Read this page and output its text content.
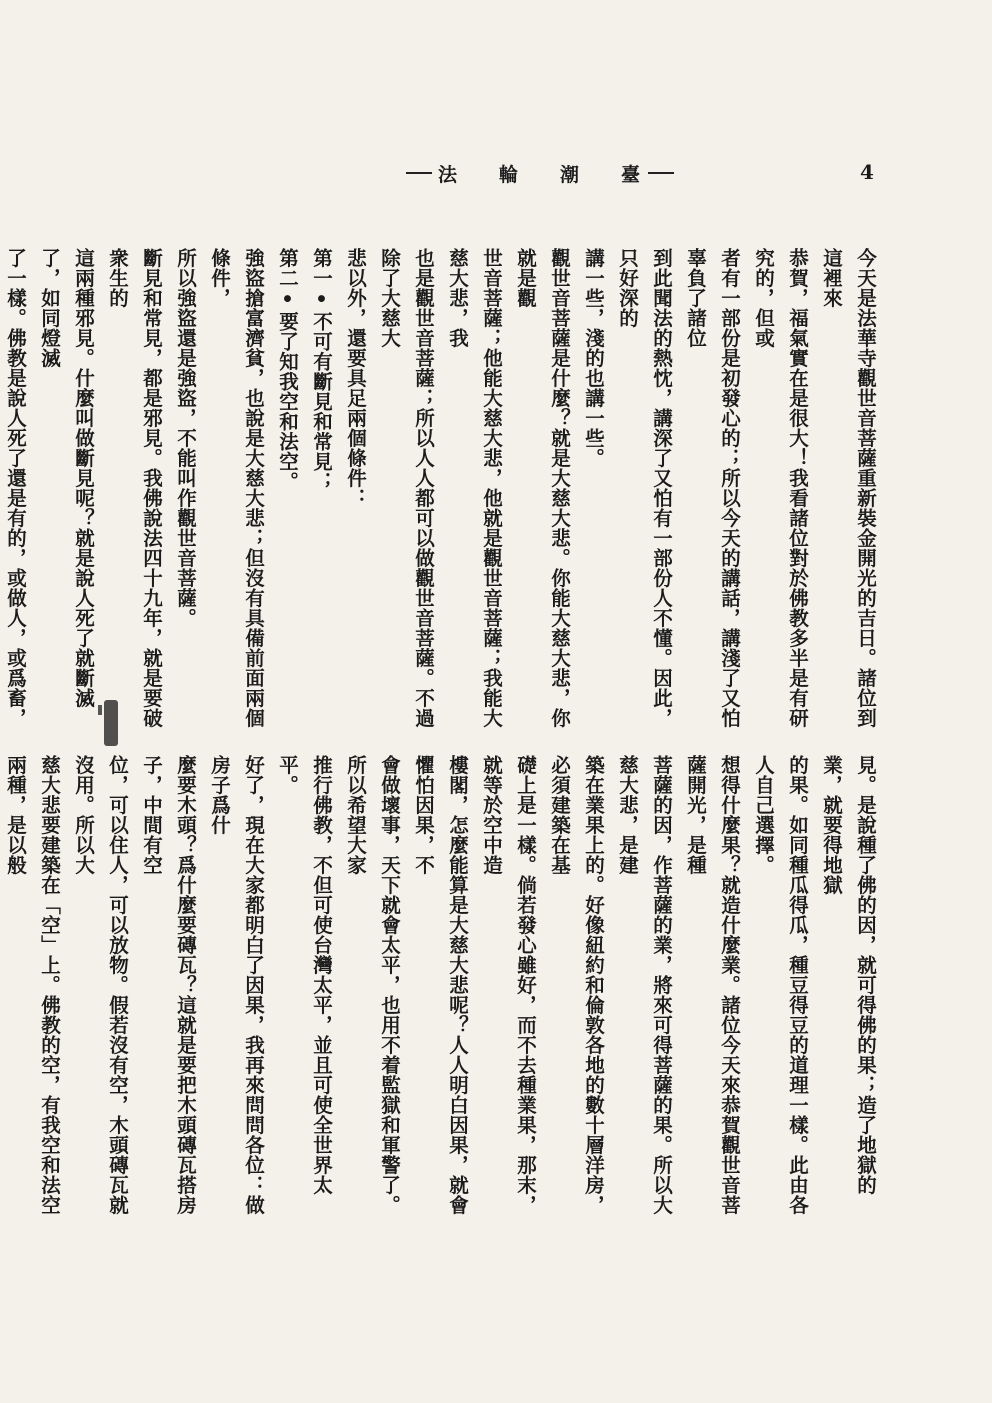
法 輪 潮 臺	4

今天是法華寺觀世音菩薩重新裝金開光的吉日。諸位到這裡來

恭賀，福氣實在是很大！我看諸位對於佛教多半是有研究的，但或

者有一部份是初發心的；所以今天的講話，講淺了又怕辜負了諸位

到此聞法的熱忱，講深了又怕有一部份人不懂。因此，只好深的

講一些，淺的也講一些。

觀世音菩薩是什麼？就是大慈大悲。你能大慈大悲，你就是觀

世音菩薩；他能大慈大悲，他就是觀世音菩薩；我能大慈大悲，我

也是觀世音菩薩；所以人人都可以做觀世音菩薩。不過除了大慈大

悲以外，還要具足兩個條件：

第一•不可有斷見和常見；

第二•要了知我空和法空。

強盜搶富濟貧，也說是大慈大悲；但沒有具備前面兩個條件，

所以強盜還是強盜，不能叫作觀世音菩薩。

斷見和常見，都是邪見。我佛說法四十九年，就是要破衆生的

這兩種邪見。什麼叫做斷見呢？就是說人死了就斷滅了，如同燈滅

了一樣。佛教是說人死了還是有的，或做人，或爲畜，

見。是說種了佛的因，就可得佛的果；造了地獄的業，就要得地獄

的果。如同種瓜得瓜，種豆得豆的道理一樣。此由各人自己選擇。

想得什麼果？就造什麼業。諸位今天來恭賀觀世音菩薩開光，是種

菩薩的因，作菩薩的業，將來可得菩薩的果。所以大慈大悲，是建

築在業果上的。好像紐約和倫敦各地的數十層洋房，必須建築在基

礎上是一樣。倘若發心雖好，而不去種業果，那末，就等於空中造

樓閣，怎麼能算是大慈大悲呢？人人明白因果，就會懼怕因果，不

會做壞事，天下就會太平，也用不着監獄和軍警了。所以希望大家

推行佛教，不但可使台灣太平，並且可使全世界太平。

好了，現在大家都明白了因果，我再來問問各位：做房子爲什

麼要木頭？爲什麼要磚瓦？這就是要把木頭磚瓦搭房子，中間有空

位，可以住人，可以放物。假若沒有空，木頭磚瓦就沒用。所以大

慈大悲要建築在「空」上。佛教的空，有我空和法空兩種，是以般
